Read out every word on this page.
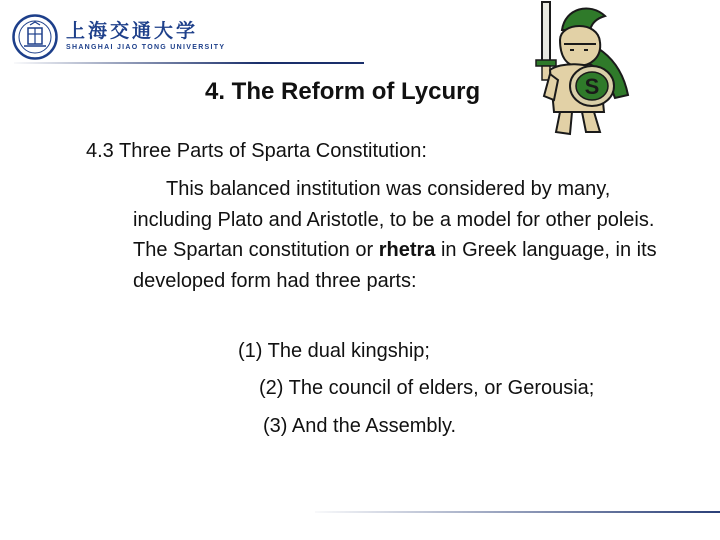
上海交通大学
SHANGHAI JIAO TONG UNIVERSITY
4. The Reform of Lycurg	S
4.3 Three Parts of Sparta Constitution:
This balanced institution was considered by many, including Plato and Aristotle, to be a model for other poleis. The Spartan constitution or rhetra in Greek language, in its developed form had three parts:
(1) The dual kingship;
(2) The council of elders, or Gerousia;
(3) And the Assembly.
